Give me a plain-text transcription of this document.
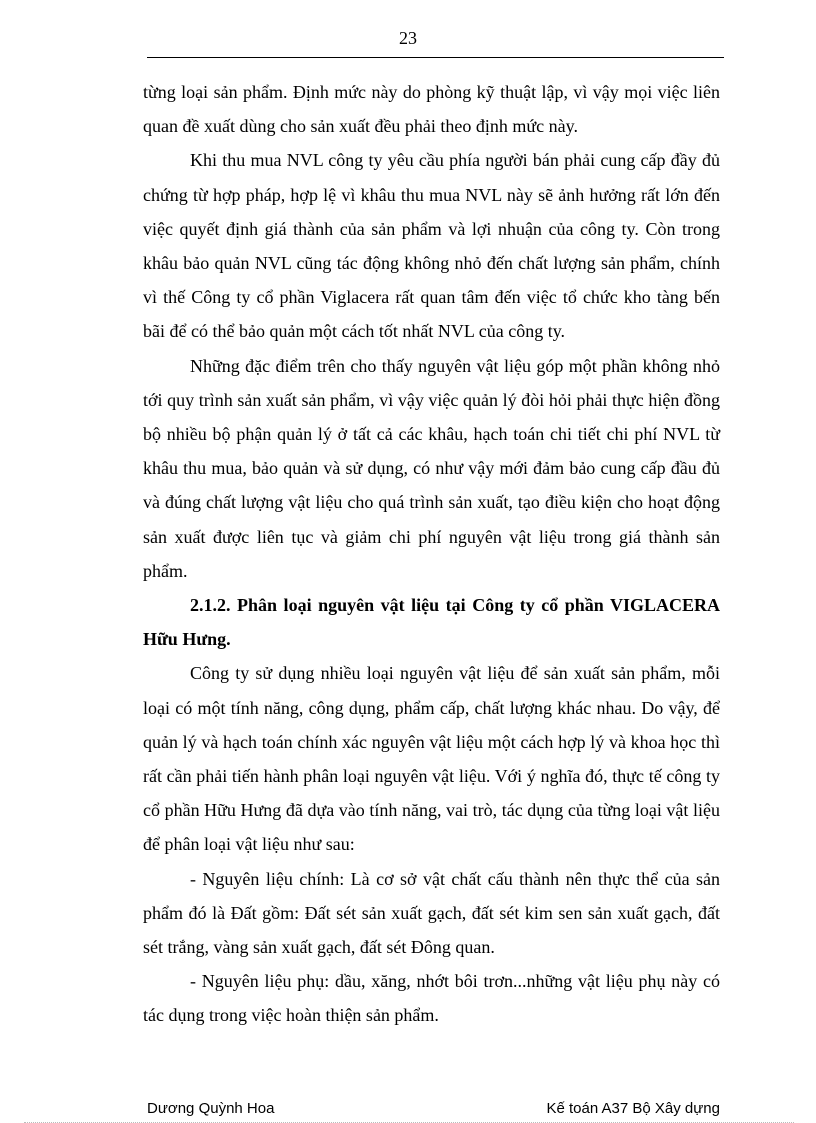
23

từng loại sản phẩm. Định mức này do phòng kỹ thuật lập, vì vậy mọi việc liên quan đề xuất dùng cho sản xuất đều phải theo định mức này.

Khi thu mua NVL công ty yêu cầu phía người bán phải cung cấp đầy đủ chứng từ hợp pháp, hợp lệ vì khâu thu mua NVL này sẽ ảnh hưởng rất lớn đến việc quyết định giá thành của sản phẩm và lợi nhuận của công ty. Còn trong khâu bảo quản NVL cũng tác động không nhỏ đến chất lượng sản phẩm, chính vì thế Công ty cổ phần Viglacera rất quan tâm đến việc tổ chức kho tàng bến bãi để có thể bảo quản một cách tốt nhất NVL của công ty.

Những đặc điểm trên cho thấy nguyên vật liệu góp một phần không nhỏ tới quy trình sản xuất sản phẩm, vì vậy việc quản lý đòi hỏi phải thực hiện đồng bộ nhiều bộ phận quản lý ở tất cả các khâu, hạch toán chi tiết chi phí NVL từ khâu thu mua, bảo quản và sử dụng, có như vậy mới đảm bảo cung cấp đầu đủ và đúng chất lượng vật liệu cho quá trình sản xuất, tạo điều kiện cho hoạt động sản xuất được liên tục và giảm chi phí nguyên vật liệu trong giá thành sản phẩm.

2.1.2. Phân loại nguyên vật liệu tại Công ty cổ phần VIGLACERA Hữu Hưng.

Công ty sử dụng nhiều loại nguyên vật liệu để sản xuất sản phẩm, mỗi loại có một tính năng, công dụng, phẩm cấp, chất lượng khác nhau. Do vậy, để quản lý và hạch toán chính xác nguyên vật liệu một cách hợp lý và khoa học thì rất cần phải tiến hành phân loại nguyên vật liệu. Với ý nghĩa đó, thực tế công ty cổ phần Hữu Hưng đã dựa vào tính năng, vai trò, tác dụng của từng loại vật liệu để phân loại vật liệu như sau:

- Nguyên liệu chính: Là cơ sở vật chất cấu thành nên thực thể của sản phẩm đó là Đất gồm: Đất sét sản xuất gạch, đất sét kim sen sản xuất gạch, đất sét trắng, vàng sản xuất gạch, đất sét Đông quan.

- Nguyên liệu phụ: dầu, xăng, nhớt bôi trơn...những vật liệu phụ này có tác dụng trong việc hoàn thiện sản phẩm.

Dương Quỳnh Hoa	Kế toán A37 Bộ Xây dựng
